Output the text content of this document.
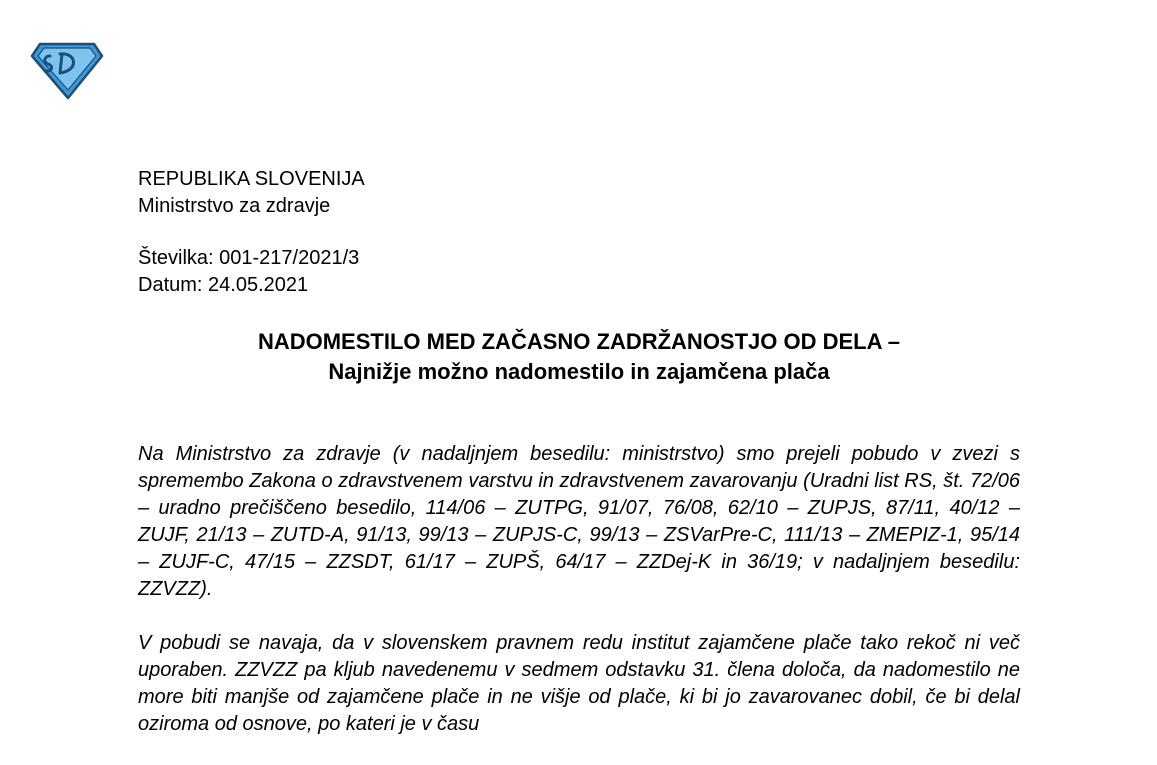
REPUBLIKA SLOVENIJA
Ministrstvo za zdravje
Številka: 001-217/2021/3
Datum: 24.05.2021
NADOMESTILO MED ZAČASNO ZADRŽANOSTJO OD DELA –
Najnižje možno nadomestilo in zajamčena plača

Na Ministrstvo za zdravje (v nadaljnjem besedilu: ministrstvo) smo prejeli pobudo v zvezi s spremembo Zakona o zdravstvenem varstvu in zdravstvenem zavarovanju (Uradni list RS, št. 72/06 – uradno prečiščeno besedilo, 114/06 – ZUTPG, 91/07, 76/08, 62/10 – ZUPJS, 87/11, 40/12 – ZUJF, 21/13 – ZUTD-A, 91/13, 99/13 – ZUPJS-C, 99/13 – ZSVarPre-C, 111/13 – ZMEPIZ-1, 95/14 – ZUJF-C, 47/15 – ZZSDT, 61/17 – ZUPŠ, 64/17 – ZZDej-K in 36/19; v nadaljnjem besedilu: ZZVZZ).

V pobudi se navaja, da v slovenskem pravnem redu institut zajamčene plače tako rekoč ni več uporaben. ZZVZZ pa kljub navedenemu v sedmem odstavku 31. člena določa, da nadomestilo ne more biti manjše od zajamčene plače in ne višje od plače, ki bi jo zavarovanec dobil, če bi delal oziroma od osnove, po kateri je v času
